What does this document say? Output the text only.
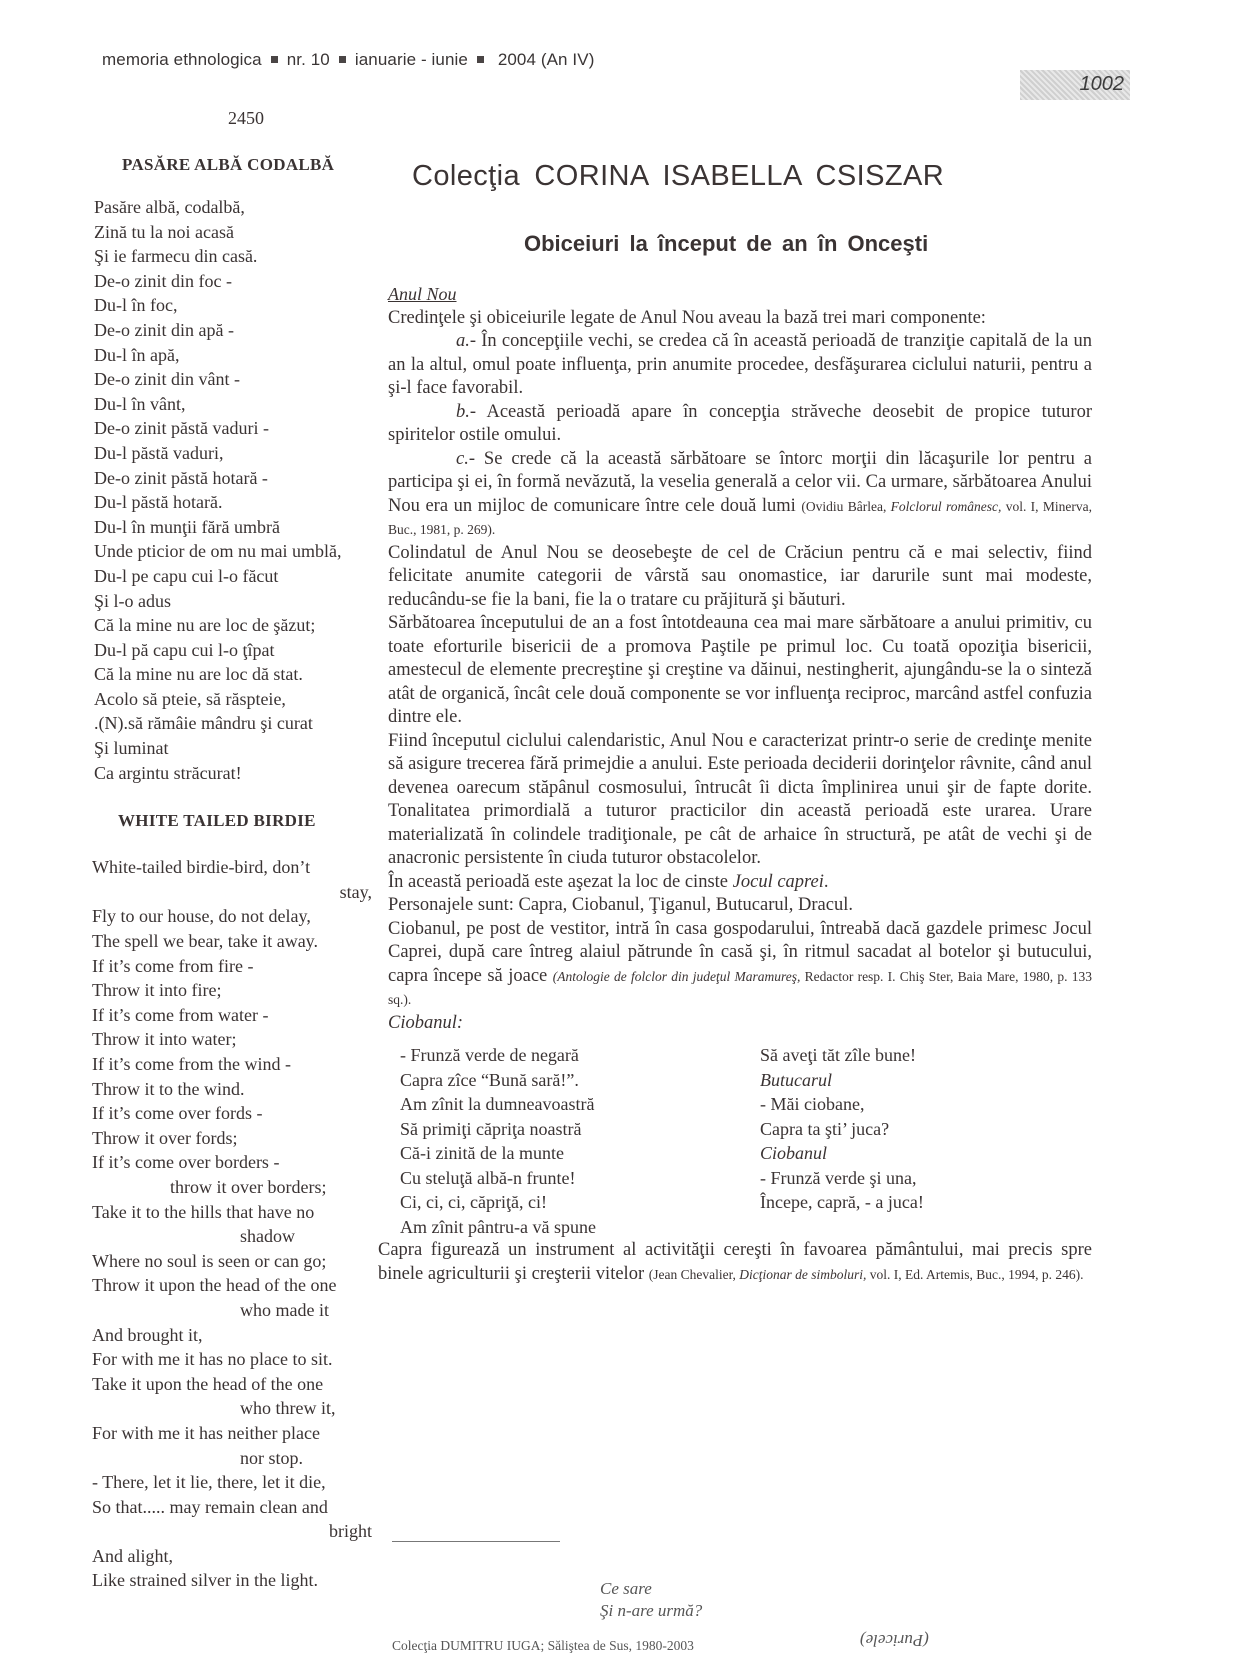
memoria ethnologica nr. 10 ianuarie - iunie 2004 (An IV)
1002
2450
PASĂRE ALBĂ CODALBĂ
Pasăre albă, codalbă,
Zină tu la noi acasă
Şi ie farmecu din casă.
De-o zinit din foc -
Du-l în foc,
De-o zinit din apă -
Du-l în apă,
De-o zinit din vânt -
Du-l în vânt,
De-o zinit păstă vaduri -
Du-l păstă vaduri,
De-o zinit păstă hotară -
Du-l păstă hotară.
Du-l în munţii fără umbră
Unde pticior de om nu mai umblă,
Du-l pe capu cui l-o făcut
Şi l-o adus
Că la mine nu are loc de şăzut;
Du-l pă capu cui l-o ţîpat
Că la mine nu are loc dă stat.
Acolo să pteie, să răspteie,
.(N).să rămâie mândru şi curat
Şi luminat
Ca argintu străcurat!
WHITE TAILED BIRDIE
White-tailed birdie-bird, don’t
stay,
Fly to our house, do not delay,
The spell we bear, take it away.
If it’s come from fire -
Throw it into fire;
If it’s come from water -
Throw it into water;
If it’s come from the wind -
Throw it to the wind.
If it’s come over fords -
Throw it over fords;
If it’s come over borders -
throw it over borders;
Take it to the hills that have no
shadow
Where no soul is seen or can go;
Throw it upon the head of the one
who made it
And brought it,
For with me it has no place to sit.
Take it upon the head of the one
who threw it,
For with me it has neither place
nor stop.
- There, let it lie, there, let it die,
So that..... may remain clean and
bright
And alight,
Like strained silver in the light.
Colecţia CORINA ISABELLA CSISZAR
Obiceiuri la început de an în Onceşti
Anul Nou

Credinţele şi obiceiurile legate de Anul Nou aveau la bază trei mari componente:

a.- În concepţiile vechi, se credea că în această perioadă de tranziţie capitală de la un an la altul, omul poate influenţa, prin anumite procedee, desfăşurarea ciclului naturii, pentru a şi-l face favorabil.

b.- Această perioadă apare în concepţia străveche deosebit de propice tuturor spiritelor ostile omului.

c.- Se crede că la această sărbătoare se întorc morţii din lăcaşurile lor pentru a participa şi ei, în formă nevăzută, la veselia generală a celor vii. Ca urmare, sărbătoarea Anului Nou era un mijloc de comunicare între cele două lumi (Ovidiu Bârlea, Folclorul românesc, vol. I, Minerva, Buc., 1981, p. 269).

Colindatul de Anul Nou se deosebeşte de cel de Crăciun pentru că e mai selectiv, fiind felicitate anumite categorii de vârstă sau onomastice, iar darurile sunt mai modeste, reducându-se fie la bani, fie la o tratare cu prăjitură şi băuturi.

Sărbătoarea începutului de an a fost întotdeauna cea mai mare sărbătoare a anului primitiv, cu toate eforturile bisericii de a promova Paştile pe primul loc. Cu toată opoziţia bisericii, amestecul de elemente precreştine şi creştine va dăinui, nestingherit, ajungându-se la o sinteză atât de organică, încât cele două componente se vor influenţa reciproc, marcând astfel confuzia dintre ele.

Fiind începutul ciclului calendaristic, Anul Nou e caracterizat printr-o serie de credinţe menite să asigure trecerea fără primejdie a anului. Este perioada deciderii dorinţelor râvnite, când anul devenea oarecum stăpânul cosmosului, întrucât îi dicta împlinirea unui şir de fapte dorite. Tonalitatea primordială a tuturor practicilor din această perioadă este urarea. Urare materializată în colindele tradiţionale, pe cât de arhaice în structură, pe atât de vechi şi de anacronic persistente în ciuda tuturor obstacolelor.

În această perioadă este aşezat la loc de cinste Jocul caprei.

Personajele sunt: Capra, Ciobanul, Ţiganul, Butucarul, Dracul.

Ciobanul, pe post de vestitor, intră în casa gospodarului, întreabă dacă gazdele primesc Jocul Caprei, după care întreg alaiul pătrunde în casă şi, în ritmul sacadat al botelor şi butucului, capra începe să joace (Antologie de folclor din judeţul Maramureş, Redactor resp. I. Chiş Ster, Baia Mare, 1980, p. 133 sq.).

Ciobanul:

- Frunză verde de negară
Capra zîce “Bună sară!”.
Am zînit la dumneavoastră
Să primiţi căpriţa noastră
Că-i zinită de la munte
Cu steluţă albă-n frunte!
Ci, ci, ci, căpriţă, ci!
Am zînit pântru-a vă spune
Să aveţi tăt zîle bune!
Butucarul
- Măi ciobane,
Capra ta şti’ juca?
Ciobanul
- Frunză verde şi una,
Începe, capră, - a juca!

Capra figurează un instrument al activităţii cereşti în favoarea pământului, mai precis spre binele agriculturii şi creşterii vitelor (Jean Chevalier, Dicţionar de simboluri, vol. I, Ed. Artemis, Buc., 1994, p. 246).

Ce sare
Şi n-are urmă?
(Puricele)
Colecţia DUMITRU IUGA; Sălіştea de Sus, 1980-2003
